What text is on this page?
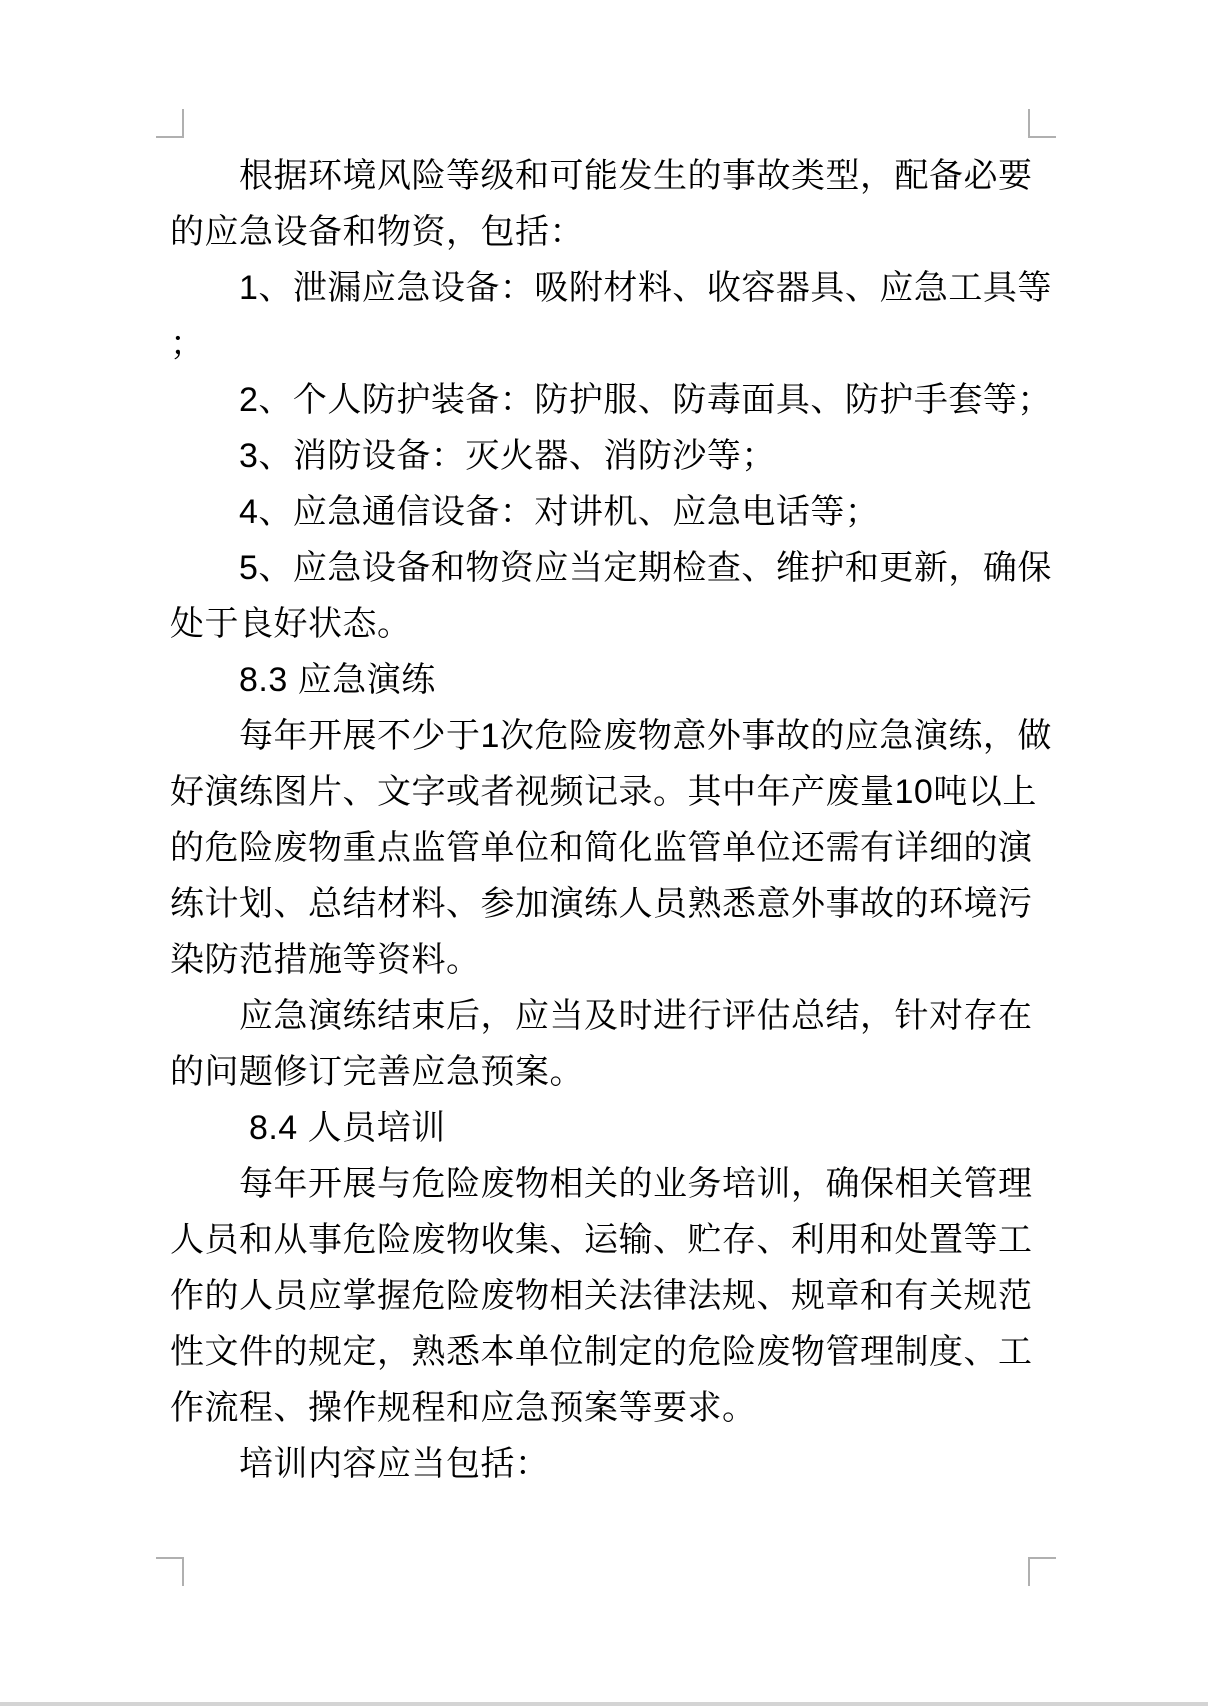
　　根据环境风险等级和可能发生的事故类型，配备必要
的应急设备和物资，包括：
　　1、泄漏应急设备：吸附材料、收容器具、应急工具等
；
　　2、个人防护装备：防护服、防毒面具、防护手套等；
　　3、消防设备：灭火器、消防沙等；
　　4、应急通信设备：对讲机、应急电话等；
　　5、应急设备和物资应当定期检查、维护和更新，确保
处于良好状态。
　　8.3 应急演练
　　每年开展不少于1次危险废物意外事故的应急演练，做
好演练图片、文字或者视频记录。其中年产废量10吨以上
的危险废物重点监管单位和简化监管单位还需有详细的演
练计划、总结材料、参加演练人员熟悉意外事故的环境污
染防范措施等资料。
　　应急演练结束后，应当及时进行评估总结，针对存在
的问题修订完善应急预案。
　　 8.4 人员培训
　　每年开展与危险废物相关的业务培训，确保相关管理
人员和从事危险废物收集、运输、贮存、利用和处置等工
作的人员应掌握危险废物相关法律法规、规章和有关规范
性文件的规定，熟悉本单位制定的危险废物管理制度、工
作流程、操作规程和应急预案等要求。
　　培训内容应当包括：
